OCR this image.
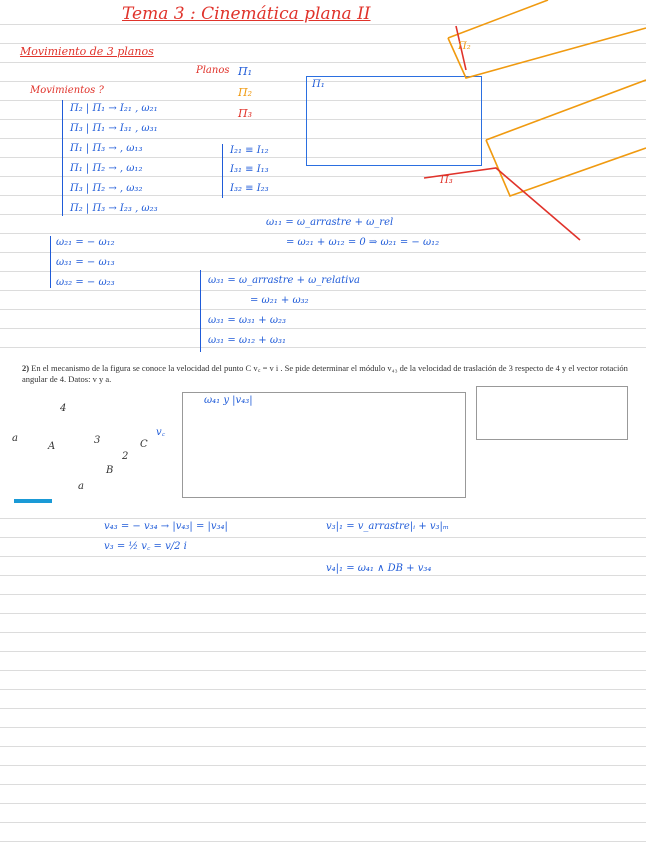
Tema 3 : Cinemática plana II
Movimiento de 3 planos
Planos Π₁
Π₂
Π₃
Movimientos ?
Π₂ | Π₁ → I₂₁ , ω₂₁
Π₃ | Π₁ → I₃₁ , ω₃₁
Π₁ | Π₃ → , ω₁₃
Π₁ | Π₂ → , ω₁₂
Π₃ | Π₂ → , ω₃₂
Π₂ | Π₃ → I₂₃ , ω₂₃
I₂₁ ≡ I₁₂
I₃₁ ≡ I₁₃
I₃₂ ≡ I₂₃
Π₁
Π₂
Π₃
ω₁₁ = ω_arrastre + ω_rel
= ω₂₁ + ω₁₂ = 0 ⇒ ω₂₁ = − ω₁₂
ω₂₁ = − ω₁₂
ω₃₁ = − ω₁₃
ω₃₂ = − ω₂₃	ω₃₁ = ω_arrastre + ω_relativa
= ω₂₁ + ω₃₂
ω₃₁ = ω₃₁ + ω₂₃
ω₃₁ = ω₁₂ + ω₃₁
2) En el mecanismo de la figura se conoce la velocidad del punto C v꜀ = v i . Se pide determinar el módulo v₄₃ de la velocidad de traslación de 3 respecto de 4 y el vector rotación angular de 4. Datos: v y a.
ω₄₁ y |v₄₃|
A
B
C
2
a
a
3
4
v꜀
v₄₃ = − v₃₄ → |v₄₃| = |v₃₄|
v₃ = ½ v꜀ = v/2 i
v₃|₁ = v_arrastre|ᵢ + v₃|ₘ
v₄|₁ = ω₄₁ ∧ DB + v₃₄
